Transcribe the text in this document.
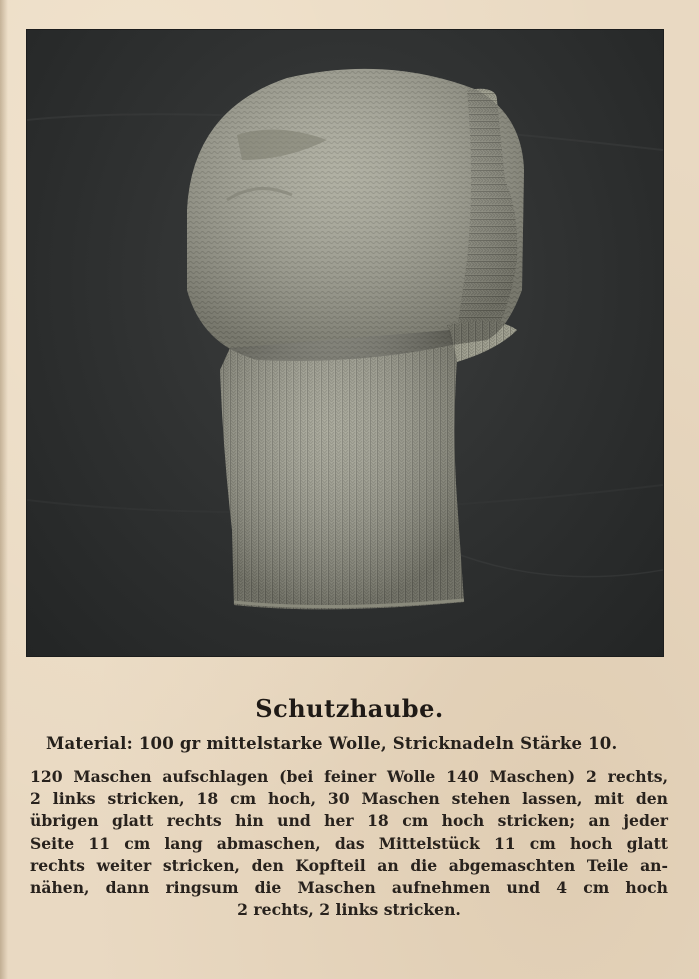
Schutzhaube.
Material: 100 gr mittelstarke Wolle, Stricknadeln Stärke 10.
120 Maschen aufschlagen (bei feiner Wolle 140 Maschen) 2 rechts,
2 links stricken, 18 cm hoch, 30 Maschen stehen lassen, mit den
übrigen glatt rechts hin und her 18 cm hoch stricken; an jeder
Seite 11 cm lang abmaschen, das Mittelstück 11 cm hoch glatt
rechts weiter stricken, den Kopfteil an die abgemaschten Teile an-
nähen, dann ringsum die Maschen aufnehmen und 4 cm hoch
2 rechts, 2 links stricken.
